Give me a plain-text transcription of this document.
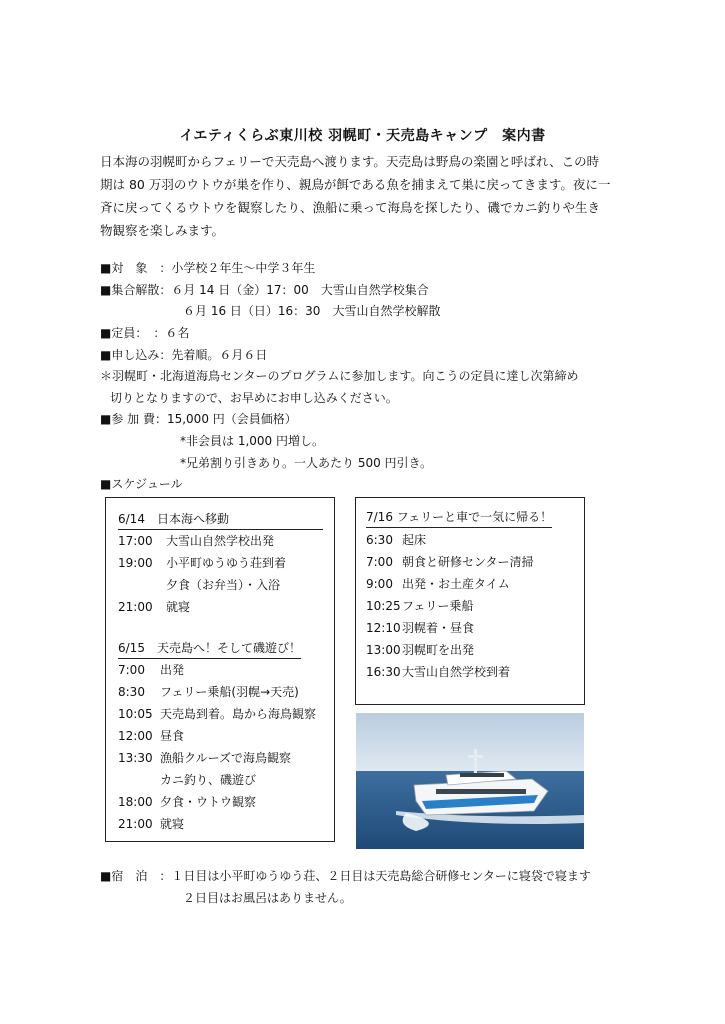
イエティくらぶ東川校 羽幌町・天売島キャンプ　案内書
日本海の羽幌町からフェリーで天売島へ渡ります。天売島は野鳥の楽園と呼ばれ、この時
期は 80 万羽のウトウが巣を作り、親鳥が餌である魚を捕まえて巣に戻ってきます。夜に一
斉に戻ってくるウトウを観察したり、漁船に乗って海鳥を探したり、磯でカニ釣りや生き
物観察を楽しみます。
■対　象　：小学校２年生～中学３年生
■集合解散：６月 14 日（金）17：00　大雪山自然学校集合
６月 16 日（日）16：30　大雪山自然学校解散
■定員：　：６名
■申し込み：先着順。６月６日
＊羽幌町・北海道海鳥センターのプログラムに参加します。向こうの定員に達し次第締め
切りとなりますので、お早めにお申し込みください。
■参 加 費：15,000 円（会員価格）
*非会員は 1,000 円増し。
*兄弟割り引きあり。一人あたり 500 円引き。
■スケジュール
6/14　日本海へ移動
17:00 大雪山自然学校出発
19:00 小平町ゆうゆう荘到着
夕食（お弁当）・入浴
21:00 就寝
6/15　天売島へ！そして磯遊び！
7:00 出発
8:30 フェリー乗船(羽幌→天売)
10:05 天売島到着。島から海鳥観察
12:00 昼食
13:30 漁船クルーズで海鳥観察
カニ釣り、磯遊び
18:00 夕食・ウトウ観察
21:00 就寝
7/16 フェリーと車で一気に帰る！
6:30 起床
7:00 朝食と研修センター清掃
9:00 出発・お土産タイム
10:25フェリー乗船
12:10羽幌着・昼食
13:00羽幌町を出発
16:30大雪山自然学校到着
■宿　泊　：１日目は小平町ゆうゆう荘、２日目は天売島総合研修センターに寝袋で寝ます
２日目はお風呂はありません。
